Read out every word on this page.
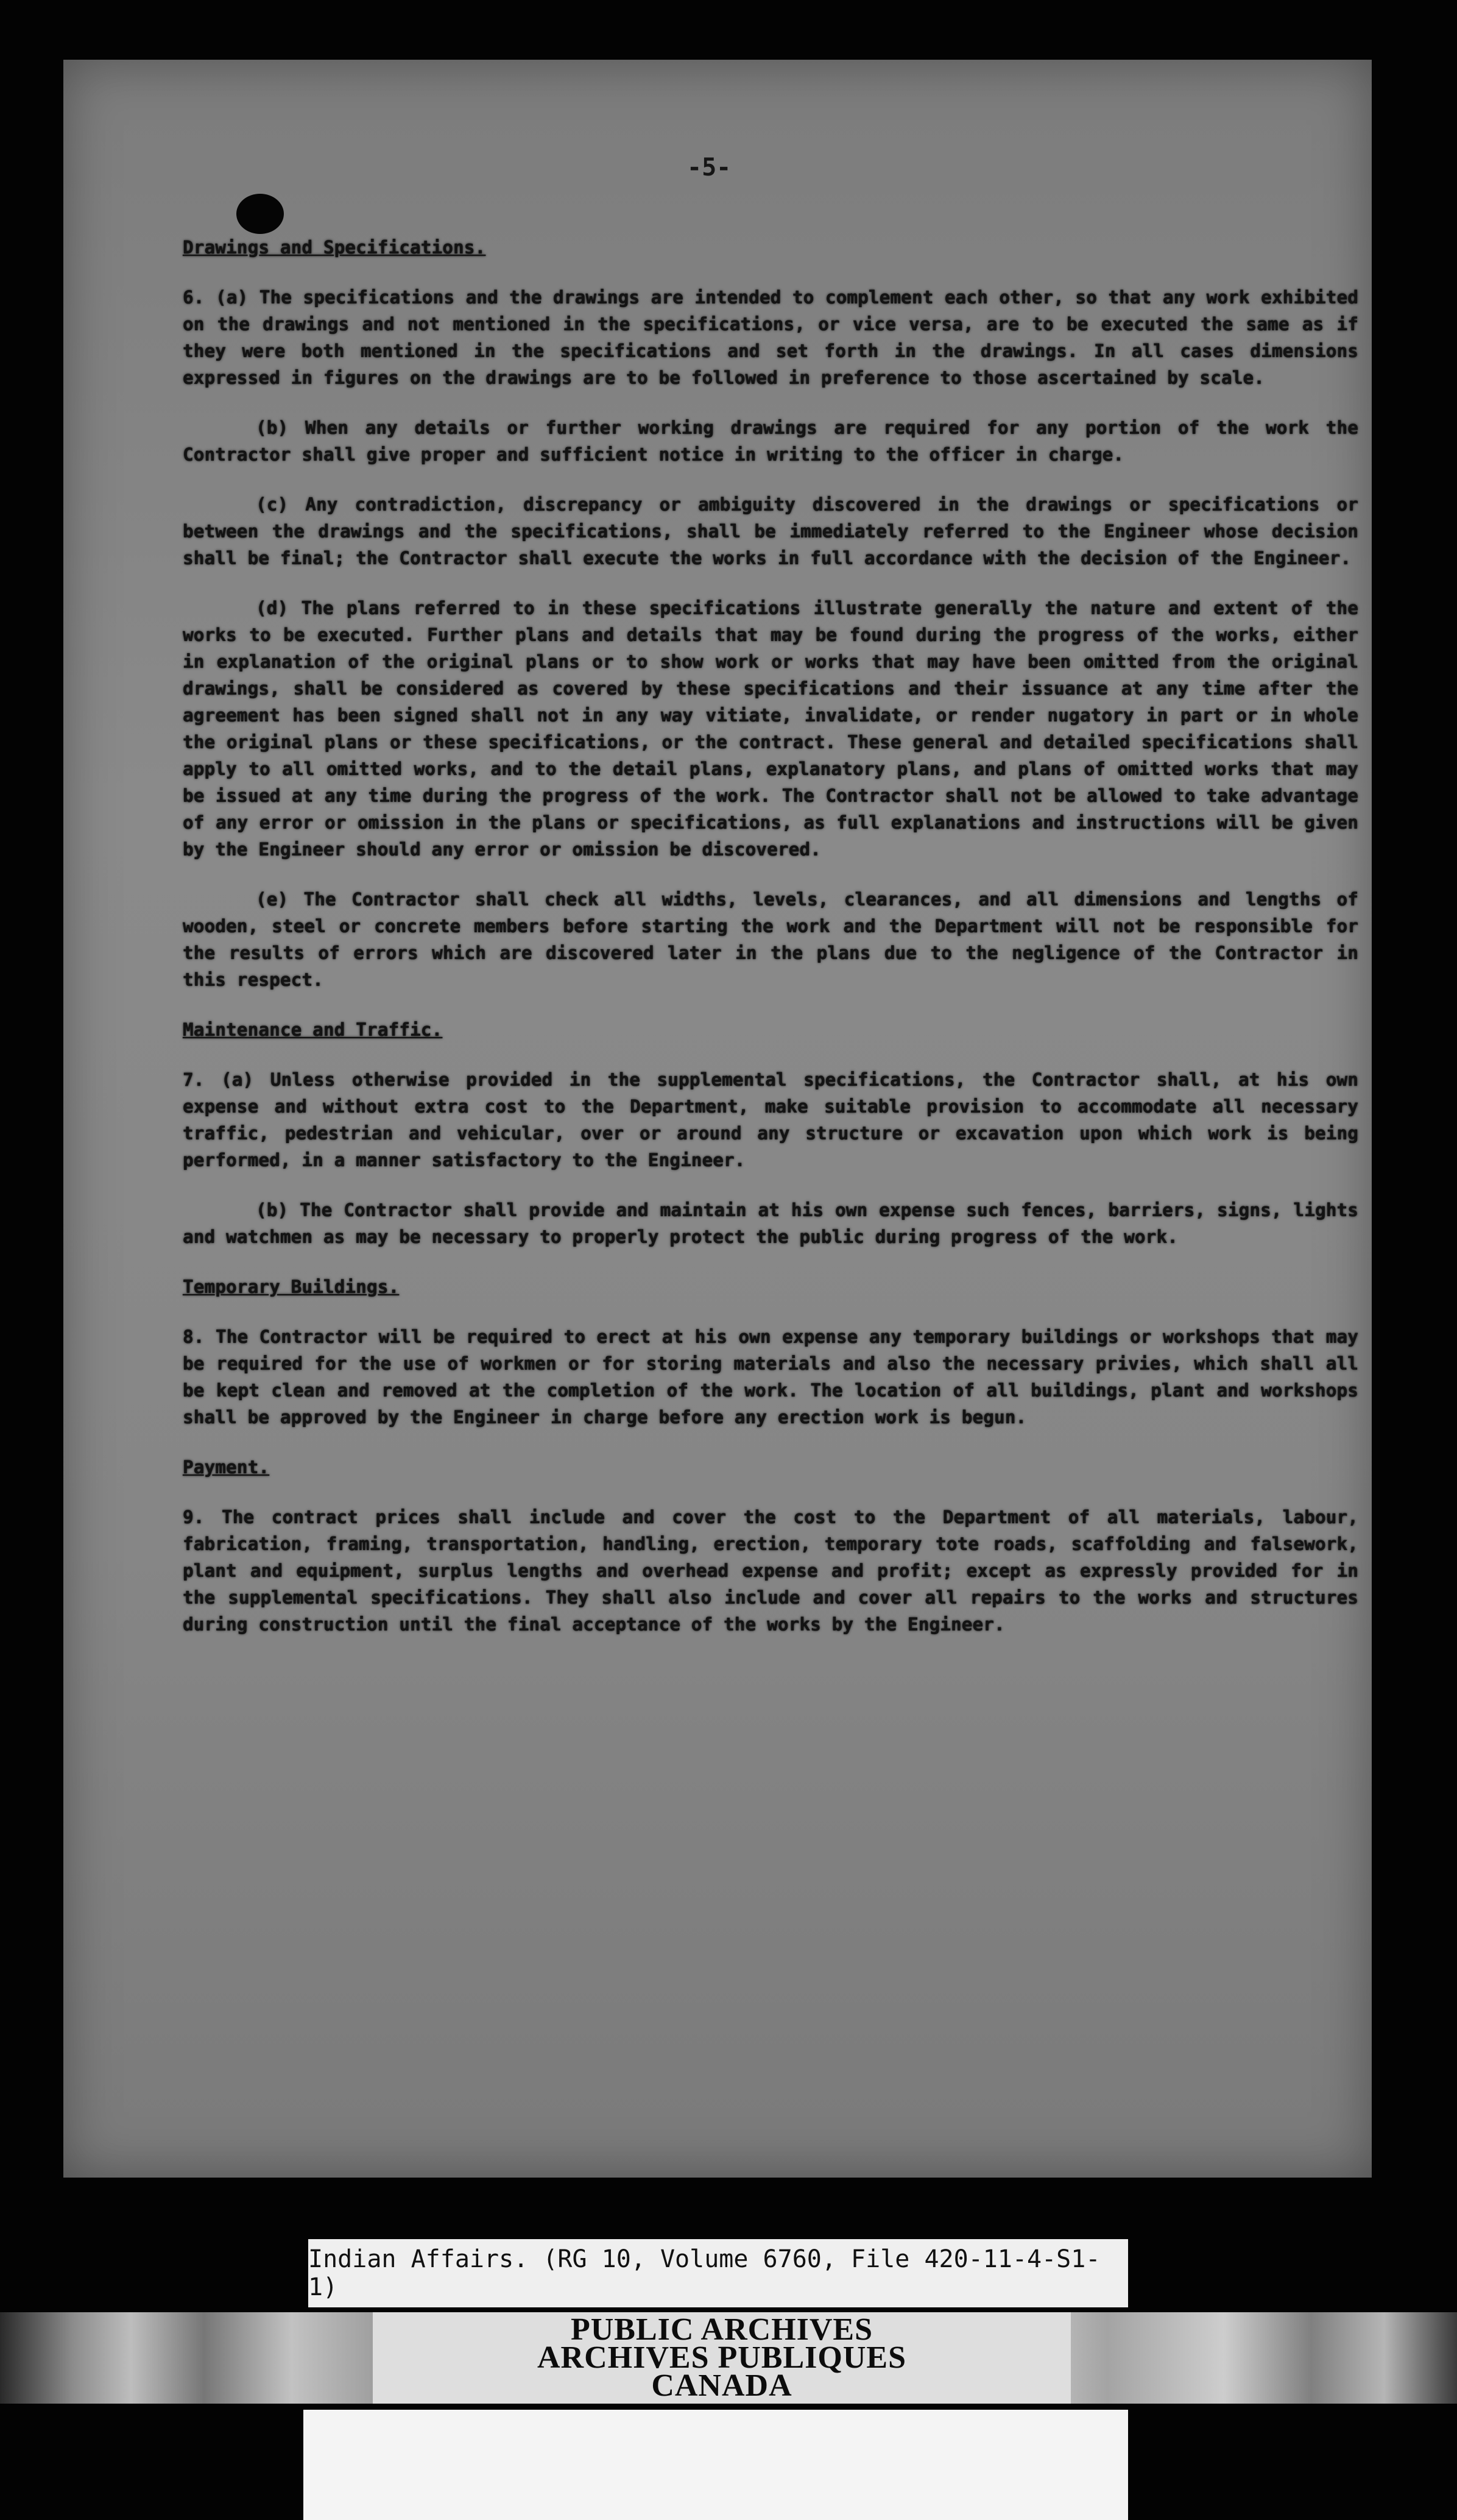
-5-
Drawings and Specifications.

6. (a) The specifications and the drawings are intended to complement each other, so that any work exhibited on the drawings and not mentioned in the specifications, or vice versa, are to be executed the same as if they were both mentioned in the specifications and set forth in the drawings. In all cases dimensions expressed in figures on the drawings are to be followed in preference to those ascertained by scale.

(b) When any details or further working drawings are required for any portion of the work the Contractor shall give proper and sufficient notice in writing to the officer in charge.

(c) Any contradiction, discrepancy or ambiguity discovered in the drawings or specifications or between the drawings and the specifications, shall be immediately referred to the Engineer whose decision shall be final; the Contractor shall execute the works in full accordance with the decision of the Engineer.

(d) The plans referred to in these specifications illustrate generally the nature and extent of the works to be executed. Further plans and details that may be found during the progress of the works, either in explanation of the original plans or to show work or works that may have been omitted from the original drawings, shall be considered as covered by these specifications and their issuance at any time after the agreement has been signed shall not in any way vitiate, invalidate, or render nugatory in part or in whole the original plans or these specifications, or the contract. These general and detailed specifications shall apply to all omitted works, and to the detail plans, explanatory plans, and plans of omitted works that may be issued at any time during the progress of the work. The Contractor shall not be allowed to take advantage of any error or omission in the plans or specifications, as full explanations and instructions will be given by the Engineer should any error or omission be discovered.

(e) The Contractor shall check all widths, levels, clearances, and all dimensions and lengths of wooden, steel or concrete members before starting the work and the Department will not be responsible for the results of errors which are discovered later in the plans due to the negligence of the Contractor in this respect.

Maintenance and Traffic.

7. (a) Unless otherwise provided in the supplemental specifications, the Contractor shall, at his own expense and without extra cost to the Department, make suitable provision to accommodate all necessary traffic, pedestrian and vehicular, over or around any structure or excavation upon which work is being performed, in a manner satisfactory to the Engineer.

(b) The Contractor shall provide and maintain at his own expense such fences, barriers, signs, lights and watchmen as may be necessary to properly protect the public during progress of the work.

Temporary Buildings.

8. The Contractor will be required to erect at his own expense any temporary buildings or workshops that may be required for the use of workmen or for storing materials and also the necessary privies, which shall all be kept clean and removed at the completion of the work. The location of all buildings, plant and workshops shall be approved by the Engineer in charge before any erection work is begun.

Payment.

9. The contract prices shall include and cover the cost to the Department of all materials, labour, fabrication, framing, transportation, handling, erection, temporary tote roads, scaffolding and falsework, plant and equipment, surplus lengths and overhead expense and profit; except as expressly provided for in the supplemental specifications. They shall also include and cover all repairs to the works and structures during construction until the final acceptance of the works by the Engineer.

Indian Affairs. (RG 10, Volume 6760, File 420-11-4-S1-1)
PUBLIC ARCHIVES
ARCHIVES PUBLIQUES
CANADA
